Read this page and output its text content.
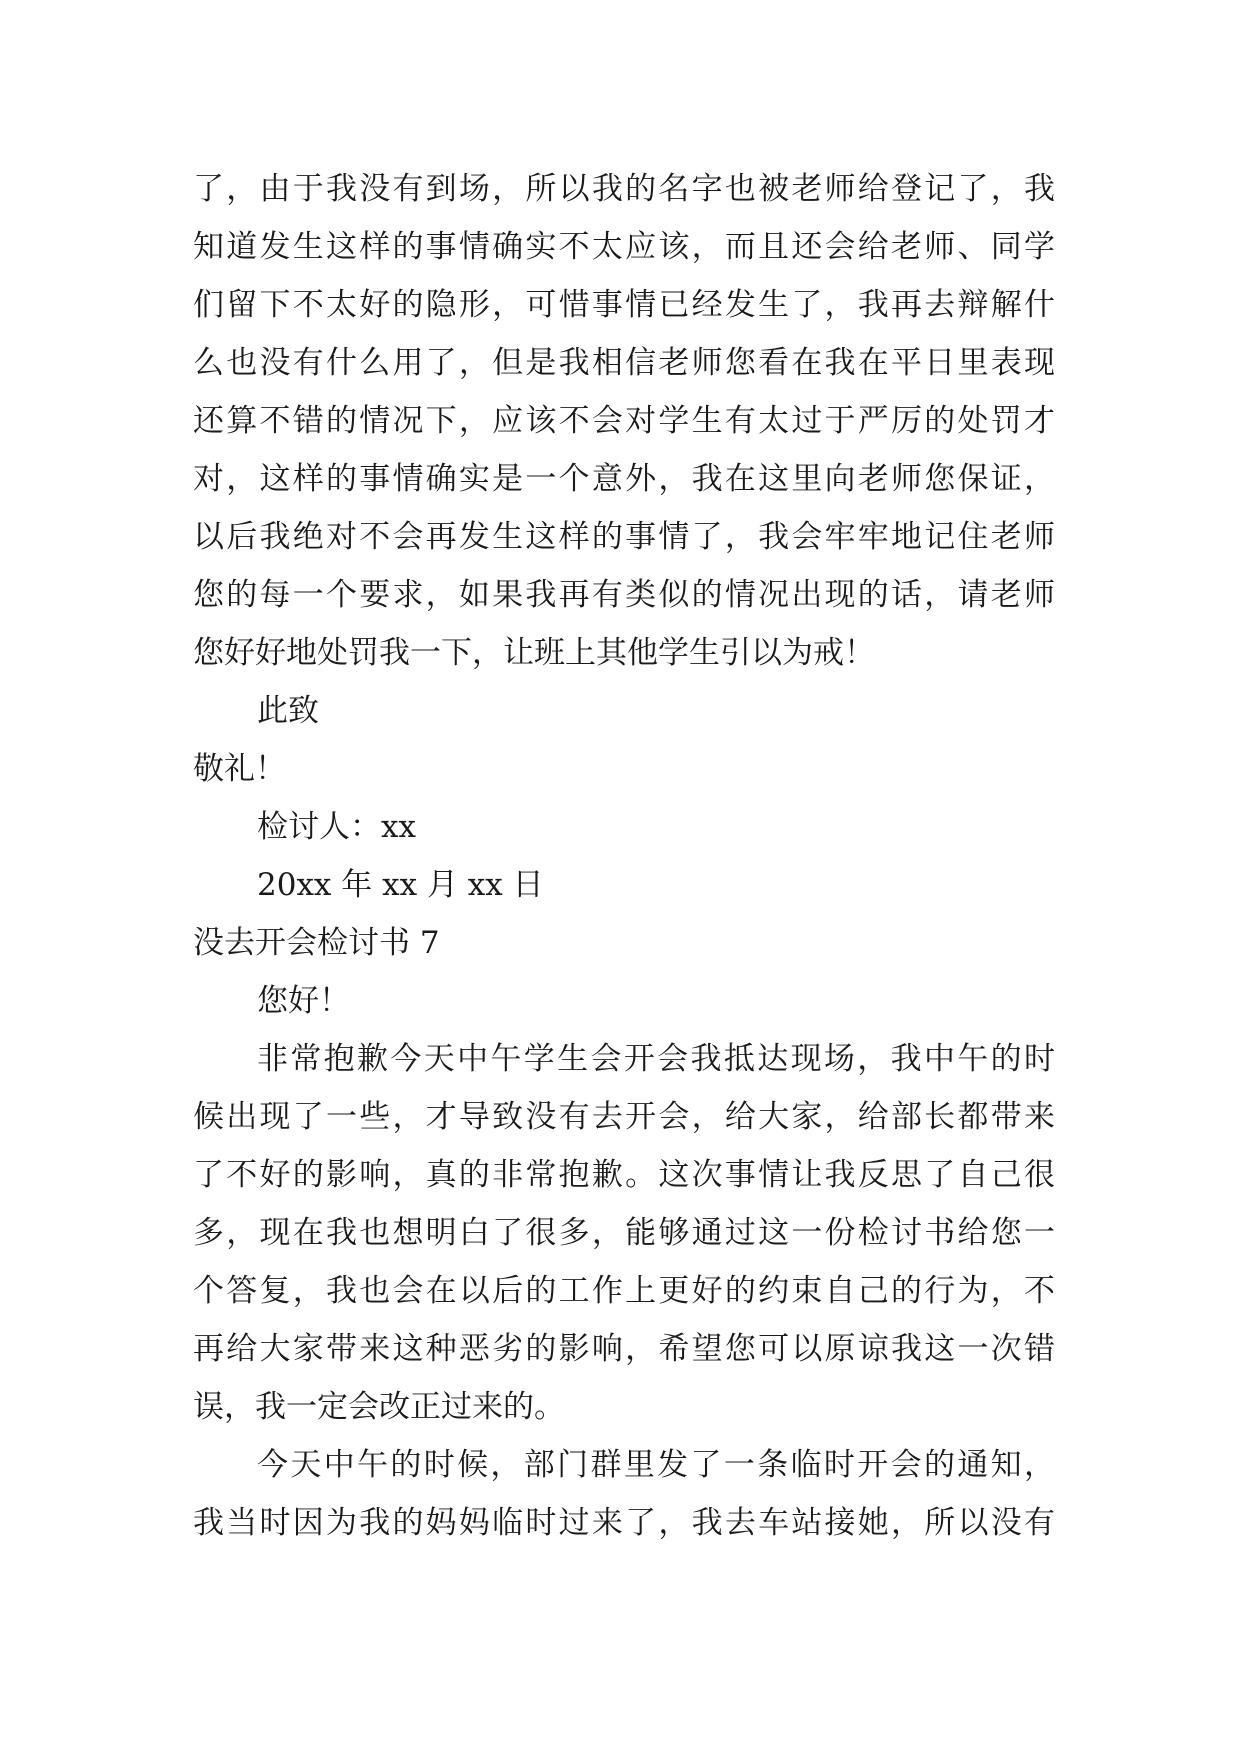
了，由于我没有到场，所以我的名字也被老师给登记了，我
知道发生这样的事情确实不太应该，而且还会给老师、同学
们留下不太好的隐形，可惜事情已经发生了，我再去辩解什
么也没有什么用了，但是我相信老师您看在我在平日里表现
还算不错的情况下，应该不会对学生有太过于严厉的处罚才
对，这样的事情确实是一个意外，我在这里向老师您保证，
以后我绝对不会再发生这样的事情了，我会牢牢地记住老师
您的每一个要求，如果我再有类似的情况出现的话，请老师
您好好地处罚我一下，让班上其他学生引以为戒！
此致
敬礼！
检讨人：xx
20xx 年 xx 月 xx 日
没去开会检讨书 7
您好！
非常抱歉今天中午学生会开会我抵达现场，我中午的时
候出现了一些，才导致没有去开会，给大家，给部长都带来
了不好的影响，真的非常抱歉。这次事情让我反思了自己很
多，现在我也想明白了很多，能够通过这一份检讨书给您一
个答复，我也会在以后的工作上更好的约束自己的行为，不
再给大家带来这种恶劣的影响，希望您可以原谅我这一次错
误，我一定会改正过来的。
今天中午的时候，部门群里发了一条临时开会的通知，
我当时因为我的妈妈临时过来了，我去车站接她，所以没有
